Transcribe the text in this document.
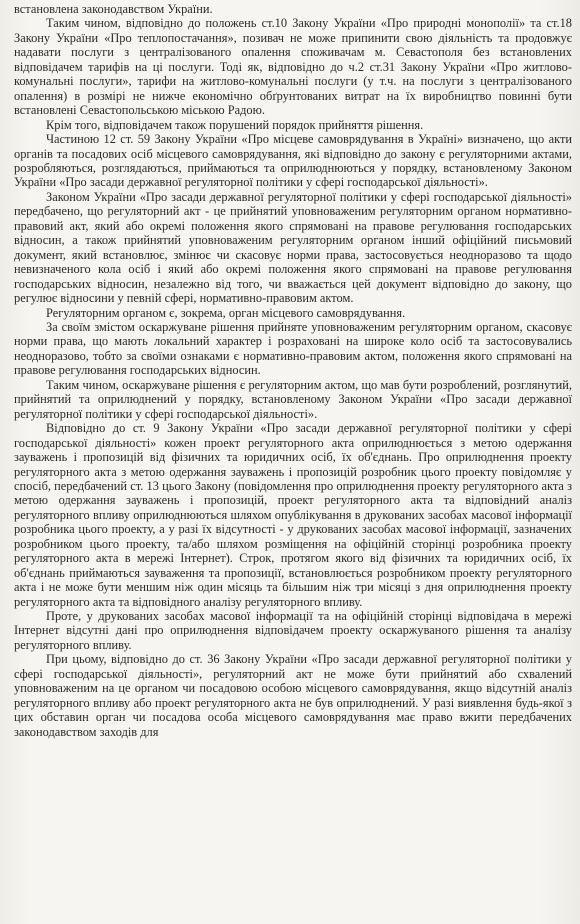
встановлена законодавством України.

Таким чином, відповідно до положень ст.10 Закону України «Про природні монополії» та ст.18 Закону України «Про теплопостачання», позивач не може припинити свою діяльність та продовжує надавати послуги з централізованого опалення споживачам м. Севастополя без встановлених відповідачем тарифів на ці послуги. Тоді як, відповідно до ч.2 ст.31 Закону України «Про житлово-комунальні послуги», тарифи на житлово-комунальні послуги (у т.ч. на послуги з централізованого опалення) в розмірі не нижче економічно обґрунтованих витрат на їх виробництво повинні бути встановлені Севастопольською міською Радою.

Крім того, відповідачем також порушений порядок прийняття рішення.

Частиною 12 ст. 59 Закону України «Про місцеве самоврядування в Україні» визначено, що акти органів та посадових осіб місцевого самоврядування, які відповідно до закону є регуляторними актами, розробляються, розглядаються, приймаються та оприлюднюються у порядку, встановленому Законом України «Про засади державної регуляторної політики у сфері господарської діяльності».

Законом України «Про засади державної регуляторної політики у сфері господарської діяльності» передбачено, що регуляторний акт - це прийнятий уповноваженим регуляторним органом нормативно-правовий акт, який або окремі положення якого спрямовані на правове регулювання господарських відносин, а також прийнятий уповноваженим регуляторним органом інший офіційний письмовий документ, який встановлює, змінює чи скасовує норми права, застосовується неодноразово та щодо невизначеного кола осіб і який або окремі положення якого спрямовані на правове регулювання господарських відносин, незалежно від того, чи вважається цей документ відповідно до закону, що регулює відносини у певній сфері, нормативно-правовим актом.

Регуляторним органом є, зокрема, орган місцевого самоврядування.

За своїм змістом оскаржуване рішення прийняте уповноваженим регуляторним органом, скасовує норми права, що мають локальний характер і розраховані на широке коло осіб та застосовувались неодноразово, тобто за своїми ознаками є нормативно-правовим актом, положення якого спрямовані на правове регулювання господарських відносин.

Таким чином, оскаржуване рішення є регуляторним актом, що мав бути розроблений, розглянутий, прийнятий та оприлюднений у порядку, встановленому Законом України «Про засади державної регуляторної політики у сфері господарської діяльності».

Відповідно до ст. 9 Закону України «Про засади державної регуляторної політики у сфері господарської діяльності» кожен проект регуляторного акта оприлюднюється з метою одержання зауважень і пропозицій від фізичних та юридичних осіб, їх об'єднань. Про оприлюднення проекту регуляторного акта з метою одержання зауважень і пропозицій розробник цього проекту повідомляє у спосіб, передбачений ст. 13 цього Закону (повідомлення про оприлюднення проекту регуляторного акта з метою одержання зауважень і пропозицій, проект регуляторного акта та відповідний аналіз регуляторного впливу оприлюднюються шляхом опублікування в друкованих засобах масової інформації розробника цього проекту, а у разі їх відсутності - у друкованих засобах масової інформації, зазначених розробником цього проекту, та/або шляхом розміщення на офіційній сторінці розробника проекту регуляторного акта в мережі Інтернет). Строк, протягом якого від фізичних та юридичних осіб, їх об'єднань приймаються зауваження та пропозиції, встановлюється розробником проекту регуляторного акта і не може бути меншим ніж один місяць та більшим ніж три місяці з дня оприлюднення проекту регуляторного акта та відповідного аналізу регуляторного впливу.

Проте, у друкованих засобах масової інформації та на офіційній сторінці відповідача в мережі Інтернет відсутні дані про оприлюднення відповідачем проекту оскаржуваного рішення та аналізу регуляторного впливу.

При цьому, відповідно до ст. 36 Закону України «Про засади державної регуляторної політики у сфері господарської діяльності», регуляторний акт не може бути прийнятий або схвалений уповноваженим на це органом чи посадовою особою місцевого самоврядування, якщо відсутній аналіз регуляторного впливу або проект регуляторного акта не був оприлюднений. У разі виявлення будь-якої з цих обставин орган чи посадова особа місцевого самоврядування має право вжити передбачених законодавством заходів для
